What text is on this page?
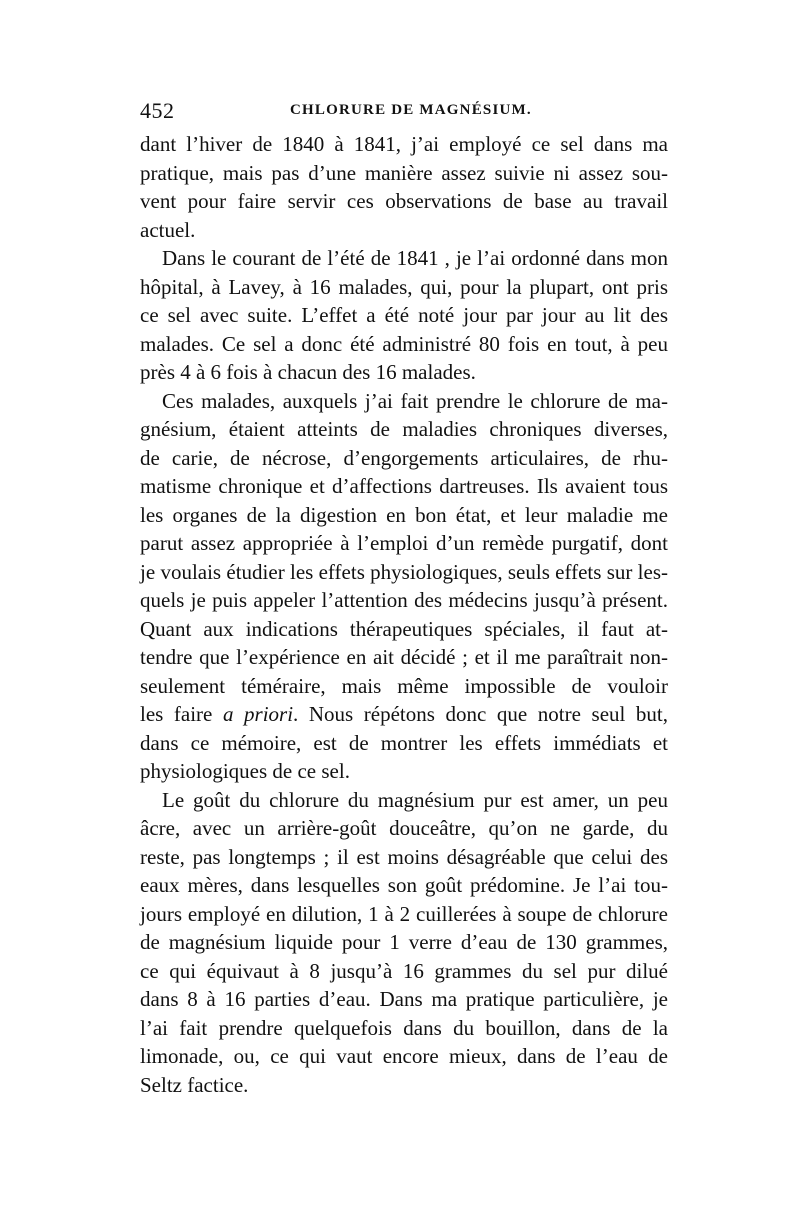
452	CHLORURE DE MAGNÉSIUM.
dant l’hiver de 1840 à 1841, j’ai employé ce sel dans ma
pratique, mais pas d’une manière assez suivie ni assez sou-
vent pour faire servir ces observations de base au travail
actuel.
Dans le courant de l’été de 1841 , je l’ai ordonné dans mon
hôpital, à Lavey, à 16 malades, qui, pour la plupart, ont pris
ce sel avec suite. L’effet a été noté jour par jour au lit des
malades. Ce sel a donc été administré 80 fois en tout, à peu
près 4 à 6 fois à chacun des 16 malades.
Ces malades, auxquels j’ai fait prendre le chlorure de ma-
gnésium, étaient atteints de maladies chroniques diverses,
de carie, de nécrose, d’engorgements articulaires, de rhu-
matisme chronique et d’affections dartreuses. Ils avaient tous
les organes de la digestion en bon état, et leur maladie me
parut assez appropriée à l’emploi d’un remède purgatif, dont
je voulais étudier les effets physiologiques, seuls effets sur les-
quels je puis appeler l’attention des médecins jusqu’à présent.
Quant aux indications thérapeutiques spéciales, il faut at-
tendre que l’expérience en ait décidé ; et il me paraîtrait non-
seulement téméraire, mais même impossible de vouloir
les faire a priori. Nous répétons donc que notre seul but,
dans ce mémoire, est de montrer les effets immédiats et
physiologiques de ce sel.
Le goût du chlorure du magnésium pur est amer, un peu
âcre, avec un arrière-goût douceâtre, qu’on ne garde, du
reste, pas longtemps ; il est moins désagréable que celui des
eaux mères, dans lesquelles son goût prédomine. Je l’ai tou-
jours employé en dilution, 1 à 2 cuillerées à soupe de chlorure
de magnésium liquide pour 1 verre d’eau de 130 grammes,
ce qui équivaut à 8 jusqu’à 16 grammes du sel pur dilué
dans 8 à 16 parties d’eau. Dans ma pratique particulière, je
l’ai fait prendre quelquefois dans du bouillon, dans de la
limonade, ou, ce qui vaut encore mieux, dans de l’eau de
Seltz factice.
